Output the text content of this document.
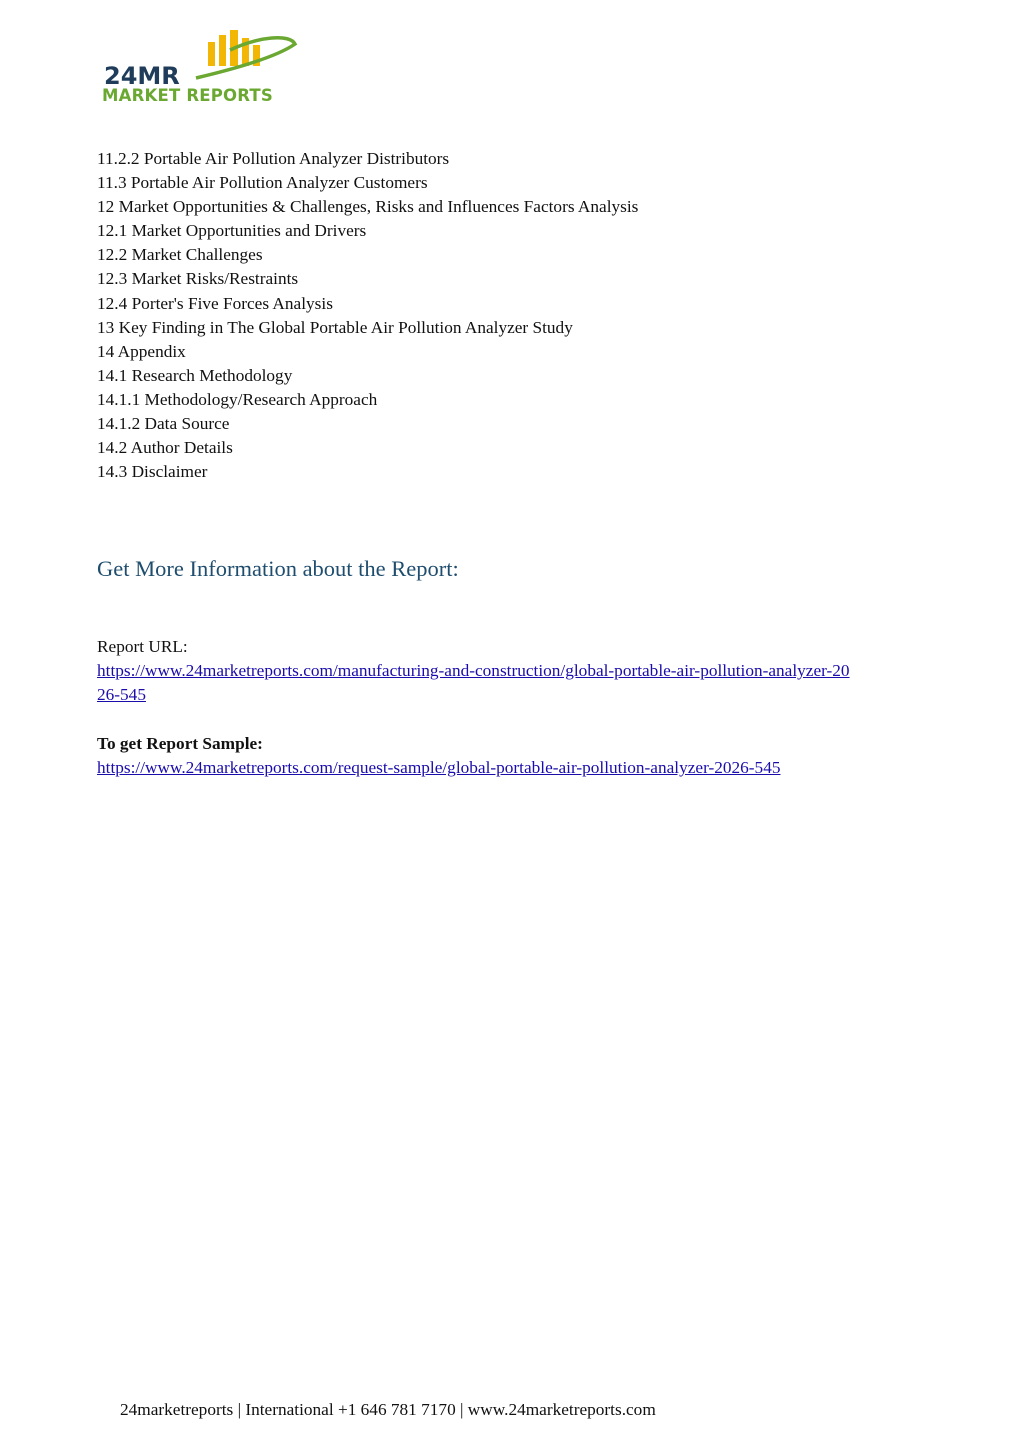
24MR
MARKET REPORTS
11.2.2 Portable Air Pollution Analyzer Distributors
11.3 Portable Air Pollution Analyzer Customers
12 Market Opportunities & Challenges, Risks and Influences Factors Analysis
12.1 Market Opportunities and Drivers
12.2 Market Challenges
12.3 Market Risks/Restraints
12.4 Porter's Five Forces Analysis
13 Key Finding in The Global Portable Air Pollution Analyzer Study
14 Appendix
14.1 Research Methodology
14.1.1 Methodology/Research Approach
14.1.2 Data Source
14.2 Author Details
14.3 Disclaimer
Get More Information about the Report:
Report URL:
https://www.24marketreports.com/manufacturing-and-construction/global-portable-air-pollution-analyzer-20
26-545
To get Report Sample:
https://www.24marketreports.com/request-sample/global-portable-air-pollution-analyzer-2026-545
24marketreports | International +1 646 781 7170 | www.24marketreports.com
